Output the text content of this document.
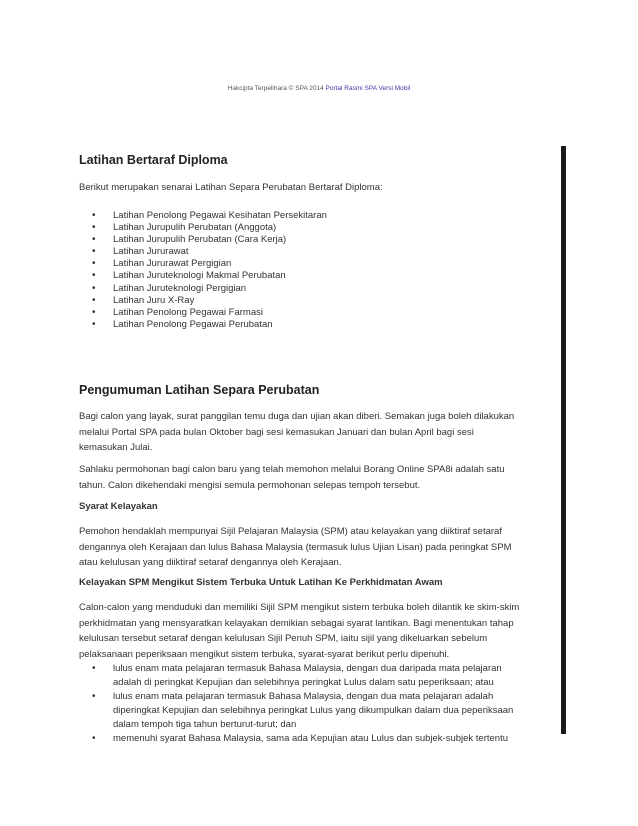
Hakcipta Terpelihara © SPA 2014 Portal Rasmi SPA Versi Mobil
Latihan Bertaraf Diploma
Berikut merupakan senarai Latihan Separa Perubatan Bertaraf Diploma:
• Latihan Penolong Pegawai Kesihatan Persekitaran
• Latihan Jurupulih Perubatan (Anggota)
• Latihan Jurupulih Perubatan (Cara Kerja)
• Latihan Jururawat
• Latihan Jururawat Pergigian
• Latihan Juruteknologi Makmal Perubatan
• Latihan Juruteknologi Pergigian
• Latihan Juru X-Ray
• Latihan Penolong Pegawai Farmasi
• Latihan Penolong Pegawai Perubatan
Pengumuman Latihan Separa Perubatan
Bagi calon yang layak, surat panggilan temu duga dan ujian akan diberi. Semakan juga boleh dilakukan
melalui Portal SPA pada bulan Oktober bagi sesi kemasukan Januari dan bulan April bagi sesi
kemasukan Julai.
Sahlaku permohonan bagi calon baru yang telah memohon melalui Borang Online SPA8i adalah satu
tahun. Calon dikehendaki mengisi semula permohonan selepas tempoh tersebut.
Syarat Kelayakan
Pemohon hendaklah mempunyai Sijil Pelajaran Malaysia (SPM) atau kelayakan yang diiktiraf setaraf
dengannya oleh Kerajaan dan lulus Bahasa Malaysia (termasuk lulus Ujian Lisan) pada peringkat SPM
atau kelulusan yang diiktiraf setaraf dengannya oleh Kerajaan.
Kelayakan SPM Mengikut Sistem Terbuka Untuk Latihan Ke Perkhidmatan Awam
Calon-calon yang menduduki dan memiliki Sijil SPM mengikut sistem terbuka boleh dilantik ke skim-skim
perkhidmatan yang mensyaratkan kelayakan demikian sebagai syarat lantikan. Bagi menentukan tahap
kelulusan tersebut setaraf dengan kelulusan Sijil Penuh SPM, iaitu sijil yang dikeluarkan sebelum
pelaksanaan peperiksaan mengikut sistem terbuka, syarat-syarat berikut perlu dipenuhi.
• lulus enam mata pelajaran termasuk Bahasa Malaysia, dengan dua daripada mata pelajaran
adalah di peringkat Kepujian dan selebihnya peringkat Lulus dalam satu peperiksaan; atau
• lulus enam mata pelajaran termasuk Bahasa Malaysia, dengan dua mata pelajaran adalah
diperingkat Kepujian dan selebihnya peringkat Lulus yang dikumpulkan dalam dua peperiksaan
dalam tempoh tiga tahun berturut-turut; dan
• memenuhi syarat Bahasa Malaysia, sama ada Kepujian atau Lulus dan subjek-subjek tertentu
